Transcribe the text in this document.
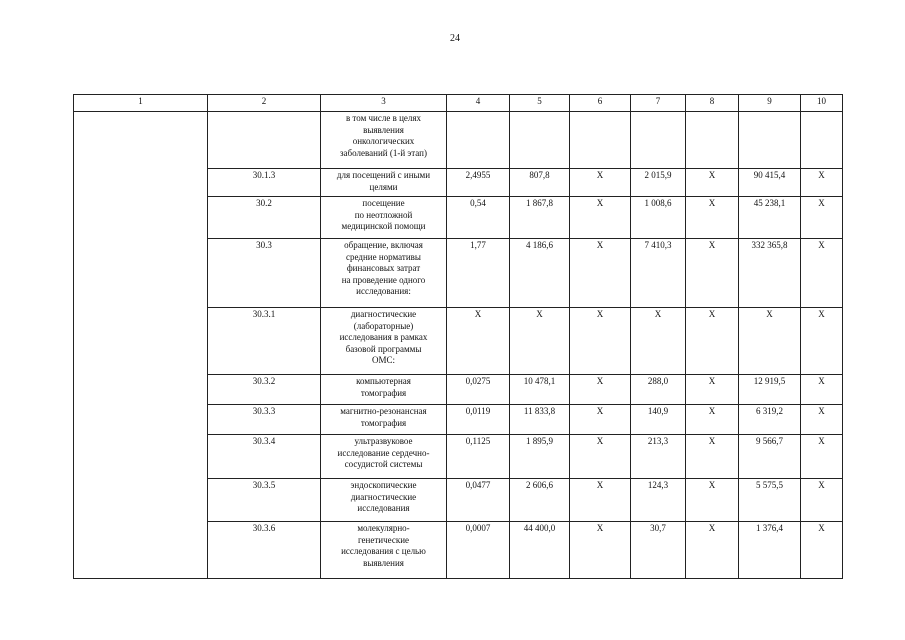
24
1	2	3	4	5	6	7	8	9	10

		в том числе в целях
выявления
онкологических
заболеваний (1-й этап)							

	30.1.3	для посещений с иными
целями	2,4955	807,8	Х	2 015,9	Х	90 415,4	Х
	30.2	посещение
по неотложной
медицинской помощи	0,54	1 867,8	Х	1 008,6	Х	45 238,1	Х
	30.3	обращение, включая
средние нормативы
финансовых затрат
на проведение одного
исследования:	1,77	4 186,6	Х	7 410,3	Х	332 365,8	Х
	30.3.1	диагностические
(лабораторные)
исследования в рамках
базовой программы
ОМС:	Х	Х	Х	Х	Х	Х	Х
	30.3.2	компьютерная
томография	0,0275	10 478,1	Х	288,0	Х	12 919,5	Х
	30.3.3	магнитно-резонансная
томография	0,0119	11 833,8	Х	140,9	Х	6 319,2	Х
	30.3.4	ультразвуковое
исследование сердечно-
сосудистой системы	0,1125	1 895,9	Х	213,3	Х	9 566,7	Х
	30.3.5	эндоскопические
диагностические
исследования	0,0477	2 606,6	Х	124,3	Х	5 575,5	Х
	30.3.6	молекулярно-
генетические
исследования с целью
выявления	0,0007	44 400,0	Х	30,7	Х	1 376,4	Х
